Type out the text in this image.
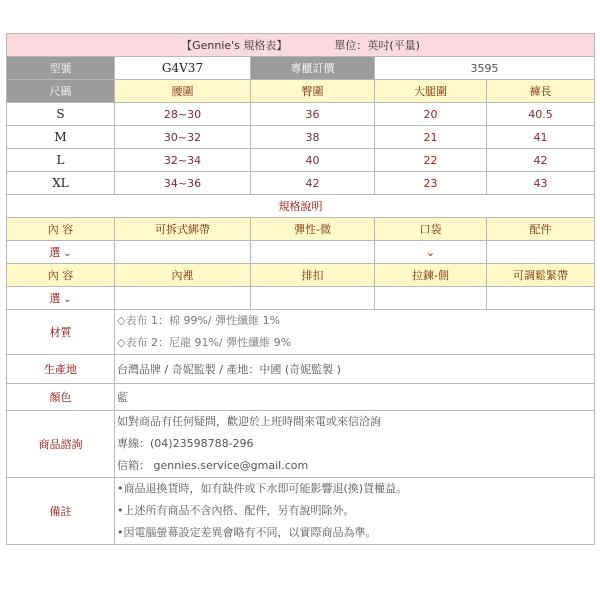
【Gennie's 規格表】 單位：英吋(平量)				
型號	G4V37	專櫃訂價	3595	
尺碼	腰圍	臀圍	大腿圍	褲長
S	28~30	36	20	40.5
M	30~32	38	21	41
L	32~34	40	22	42
XL	34~36	42	23	43
規格說明				
內 容	可拆式綁帶	彈性-微	口袋	配件
選 ⌄			⌄	
內 容	內裡	排扣	拉鍊-側	可調鬆緊帶
選 ⌄				
材質	◇表布 1：棉 99%/ 彈性纖維 1%
◇表布 2：尼龍 91%/ 彈性纖維 9%			

生產地	台灣品牌 / 奇妮監製 / 產地：中國 (奇妮監製 )			
顏色	藍			
商品諮詢	如對商品有任何疑問，歡迎於上班時間來電或來信洽詢
專線：(04)23598788-296
信箱： gennies.service@gmail.com			

備註	•商品退換貨時，如有缺件或下水即可能影響退(換)貨權益。
•上述所有商品不含內搭、配件，另有說明除外。
•因電腦螢幕設定差異會略有不同，以實際商品為準。			
